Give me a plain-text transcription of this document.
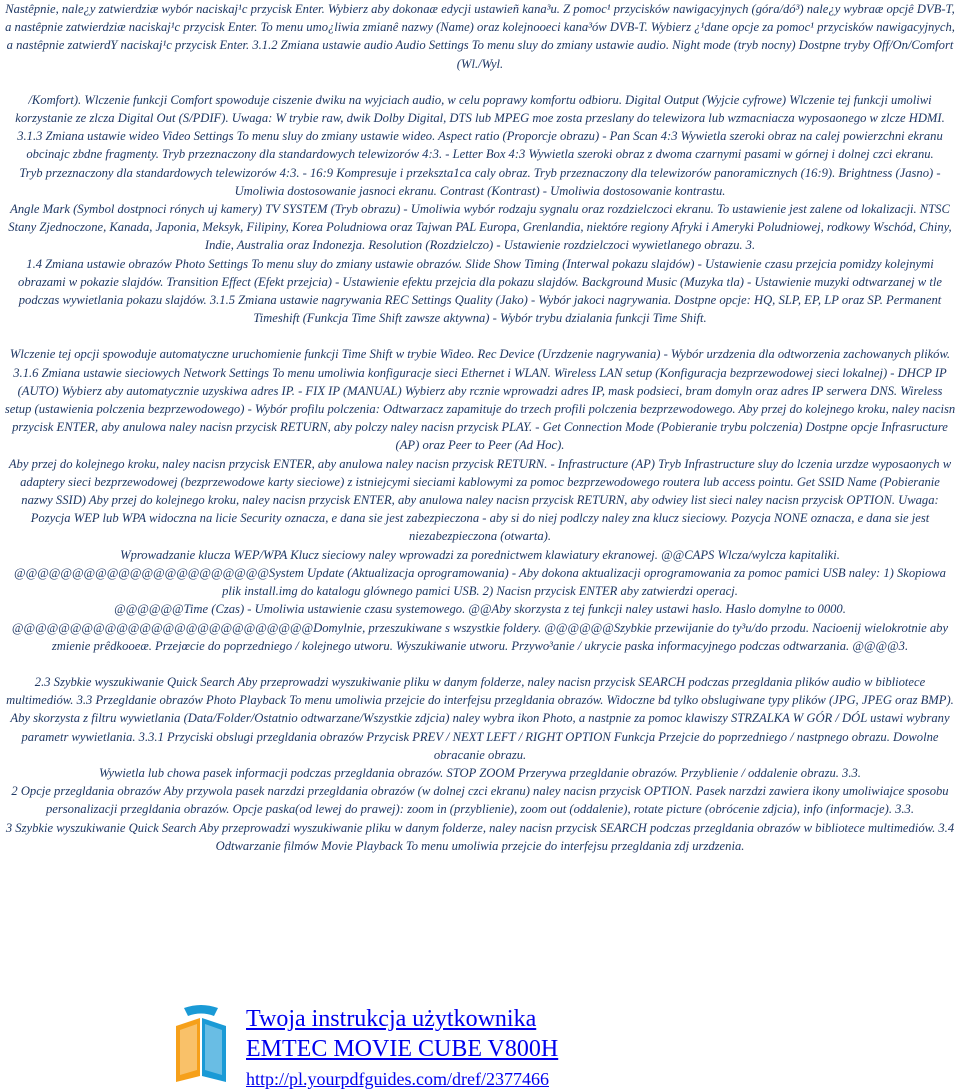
Nastêpnie, nale¿y zatwierdziæ wybór naciskaj¹c przycisk Enter. Wybierz aby dokonaæ edycji ustawieñ kana³u. Z pomoc¹ przycisków nawigacyjnych (góra/dó³) nale¿y wybraæ opcjê DVB-T, a nastêpnie zatwierdziæ naciskaj¹c przycisk Enter. To menu umo¿liwia zmianê nazwy (Name) oraz kolejnooeci kana³ów DVB-T. Wybierz ¿¹dane opcje za pomoc¹ przycisków nawigacyjnych, a nastêpnie zatwierdY naciskaj¹c przycisk Enter. 3.1.2 Zmiana ustawie audio Audio Settings To menu sluy do zmiany ustawie audio. Night mode (tryb nocny) Dostpne tryby Off/On/Comfort (Wl./Wyl.

/Komfort). Wlczenie funkcji Comfort spowoduje ciszenie dwiku na wyjciach audio, w celu poprawy komfortu odbioru. Digital Output (Wyjcie cyfrowe) Wlczenie tej funkcji umoliwi korzystanie ze zlcza Digital Out (S/PDIF). Uwaga: W trybie raw, dwik Dolby Digital, DTS lub MPEG moe zosta przeslany do telewizora lub wzmacniacza wyposaonego w zlcze HDMI. 3.1.3 Zmiana ustawie wideo Video Settings To menu sluy do zmiany ustawie wideo. Aspect ratio (Proporcje obrazu) - Pan Scan 4:3 Wywietla szeroki obraz na calej powierzchni ekranu obcinajc zbdne fragmenty. Tryb przeznaczony dla standardowych telewizorów 4:3. - Letter Box 4:3 Wywietla szeroki obraz z dwoma czarnymi pasami w górnej i dolnej czci ekranu.

Tryb przeznaczony dla standardowych telewizorów 4:3. - 16:9 Kompresuje i przekszta1ca caly obraz. Tryb przeznaczony dla telewizorów panoramicznych (16:9). Brightness (Jasno) - Umoliwia dostosowanie jasnoci ekranu. Contrast (Kontrast) - Umoliwia dostosowanie kontrastu.

Angle Mark (Symbol dostpnoci rónych uj kamery) TV SYSTEM (Tryb obrazu) - Umoliwia wybór rodzaju sygnalu oraz rozdzielczoci ekranu. To ustawienie jest zalene od lokalizacji. NTSC Stany Zjednoczone, Kanada, Japonia, Meksyk, Filipiny, Korea Poludniowa oraz Tajwan PAL Europa, Grenlandia, niektóre regiony Afryki i Ameryki Poludniowej, rodkowy Wschód, Chiny, Indie, Australia oraz Indonezja. Resolution (Rozdzielczo) - Ustawienie rozdzielczoci wywietlanego obrazu. 3.

1.4 Zmiana ustawie obrazów Photo Settings To menu sluy do zmiany ustawie obrazów. Slide Show Timing (Interwal pokazu slajdów) - Ustawienie czasu przejcia pomidzy kolejnymi obrazami w pokazie slajdów. Transition Effect (Efekt przejcia) - Ustawienie efektu przejcia dla pokazu slajdów. Background Music (Muzyka tla) - Ustawienie muzyki odtwarzanej w tle podczas wywietlania pokazu slajdów. 3.1.5 Zmiana ustawie nagrywania REC Settings Quality (Jako) - Wybór jakoci nagrywania. Dostpne opcje: HQ, SLP, EP, LP oraz SP. Permanent Timeshift (Funkcja Time Shift zawsze aktywna) - Wybór trybu dzialania funkcji Time Shift.

Wlczenie tej opcji spowoduje automatyczne uruchomienie funkcji Time Shift w trybie Wideo. Rec Device (Urzdzenie nagrywania) - Wybór urzdzenia dla odtworzenia zachowanych plików. 3.1.6 Zmiana ustawie sieciowych Network Settings To menu umoliwia konfiguracje sieci Ethernet i WLAN. Wireless LAN setup (Konfiguracja bezprzewodowej sieci lokalnej) - DHCP IP (AUTO) Wybierz aby automatycznie uzyskiwa adres IP. - FIX IP (MANUAL) Wybierz aby rcznie wprowadzi adres IP, mask podsieci, bram domyln oraz adres IP serwera DNS. Wireless setup (ustawienia polczenia bezprzewodowego) - Wybór profilu polczenia: Odtwarzacz zapamituje do trzech profili polczenia bezprzewodowego. Aby przej do kolejnego kroku, naley nacisn przycisk ENTER, aby anulowa naley nacisn przycisk RETURN, aby polczy naley nacisn przycisk PLAY. - Get Connection Mode (Pobieranie trybu polczenia) Dostpne opcje Infrasructure (AP) oraz Peer to Peer (Ad Hoc).

Aby przej do kolejnego kroku, naley nacisn przycisk ENTER, aby anulowa naley nacisn przycisk RETURN. - Infrastructure (AP) Tryb Infrastructure sluy do lczenia urzdze wyposaonych w adaptery sieci bezprzewodowej (bezprzewodowe karty sieciowe) z istniejcymi sieciami kablowymi za pomoc bezprzewodowego routera lub access pointu. Get SSID Name (Pobieranie nazwy SSID) Aby przej do kolejnego kroku, naley nacisn przycisk ENTER, aby anulowa naley nacisn przycisk RETURN, aby odwiey list sieci naley nacisn przycisk OPTION. Uwaga: Pozycja WEP lub WPA widoczna na licie Security oznacza, e dana sie jest zabezpieczona - aby si do niej podlczy naley zna klucz sieciowy. Pozycja NONE oznacza, e dana sie jest niezabezpieczona (otwarta).

Wprowadzanie klucza WEP/WPA Klucz sieciowy naley wprowadzi za porednictwem klawiatury ekranowej. @@CAPS Wlcza/wylcza kapitaliki.

@@@@@@@@@@@@@@@@@@@@@@System Update (Aktualizacja oprogramowania) - Aby dokona aktualizacji oprogramowania za pomoc pamici USB naley: 1) Skopiowa plik install.img do katalogu glównego pamici USB. 2) Nacisn przycisk ENTER aby zatwierdzi operacj.

@@@@@@Time (Czas) - Umoliwia ustawienie czasu systemowego. @@Aby skorzysta z tej funkcji naley ustawi haslo. Haslo domylne to 0000.

@@@@@@@@@@@@@@@@@@@@@@@@@@Domylnie, przeszukiwane s wszystkie foldery. @@@@@@Szybkie przewijanie do ty³u/do przodu. Nacioenij wielokrotnie aby zmienie prêdkooeæ. Przejœcie do poprzedniego / kolejnego utworu. Wyszukiwanie utworu. Przywo³anie / ukrycie paska informacyjnego podczas odtwarzania. @@@@3.

2.3 Szybkie wyszukiwanie Quick Search Aby przeprowadzi wyszukiwanie pliku w danym folderze, naley nacisn przycisk SEARCH podczas przegldania plików audio w bibliotece multimediów. 3.3 Przegldanie obrazów Photo Playback To menu umoliwia przejcie do interfejsu przegldania obrazów. Widoczne bd tylko obslugiwane typy plików (JPG, JPEG oraz BMP). Aby skorzysta z filtru wywietlania (Data/Folder/Ostatnio odtwarzane/Wszystkie zdjcia) naley wybra ikon Photo, a nastpnie za pomoc klawiszy STRZALKA W GÓR / DÓL ustawi wybrany parametr wywietlania. 3.3.1 Przyciski obslugi przegldania obrazów Przycisk PREV / NEXT LEFT / RIGHT OPTION Funkcja Przejcie do poprzedniego / nastpnego obrazu. Dowolne obracanie obrazu.

Wywietla lub chowa pasek informacji podczas przegldania obrazów. STOP ZOOM Przerywa przegldanie obrazów. Przyblienie / oddalenie obrazu. 3.3.

2 Opcje przegldania obrazów Aby przywola pasek narzdzi przegldania obrazów (w dolnej czci ekranu) naley nacisn przycisk OPTION. Pasek narzdzi zawiera ikony umoliwiajce sposobu personalizacji przegldania obrazów. Opcje paska(od lewej do prawej): zoom in (przyblienie), zoom out (oddalenie), rotate picture (obrócenie zdjcia), info (informacje). 3.3.

3 Szybkie wyszukiwanie Quick Search Aby przeprowadzi wyszukiwanie pliku w danym folderze, naley nacisn przycisk SEARCH podczas przegldania obrazów w bibliotece multimediów. 3.4 Odtwarzanie filmów Movie Playback To menu umoliwia przejcie do interfejsu przegldania zdj urzdzenia.

Twoja instrukcja użytkownika
EMTEC MOVIE CUBE V800H
http://pl.yourpdfguides.com/dref/2377466
